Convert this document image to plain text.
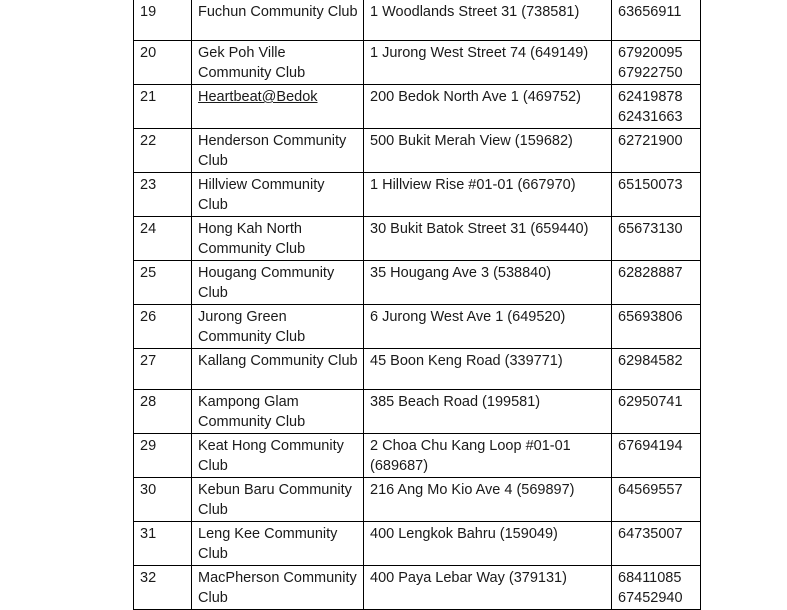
19	Fuchun Community Club	1 Woodlands Street 31 (738581)	63656911

20	Gek Poh Ville Community Club	1 Jurong West Street 74 (649149)	67920095
67922750

21	Heartbeat@Bedok	200 Bedok North Ave 1 (469752)	62419878
62431663

22	Henderson Community Club	500 Bukit Merah View (159682)	62721900

23	Hillview Community Club	1 Hillview Rise #01-01 (667970)	65150073

24	Hong Kah North Community Club	30 Bukit Batok Street 31 (659440)	65673130

25	Hougang Community Club	35 Hougang Ave 3 (538840)	62828887

26	Jurong Green Community Club	6 Jurong West Ave 1 (649520)	65693806

27	Kallang Community Club	45 Boon Keng Road (339771)	62984582

28	Kampong Glam Community Club	385 Beach Road (199581)	62950741

29	Keat Hong Community Club	2 Choa Chu Kang Loop #01-01 (689687)	67694194

30	Kebun Baru Community Club	216 Ang Mo Kio Ave 4 (569897)	64569557

31	Leng Kee Community Club	400 Lengkok Bahru (159049)	64735007

32	MacPherson Community Club	400 Paya Lebar Way (379131)	68411085
67452940
